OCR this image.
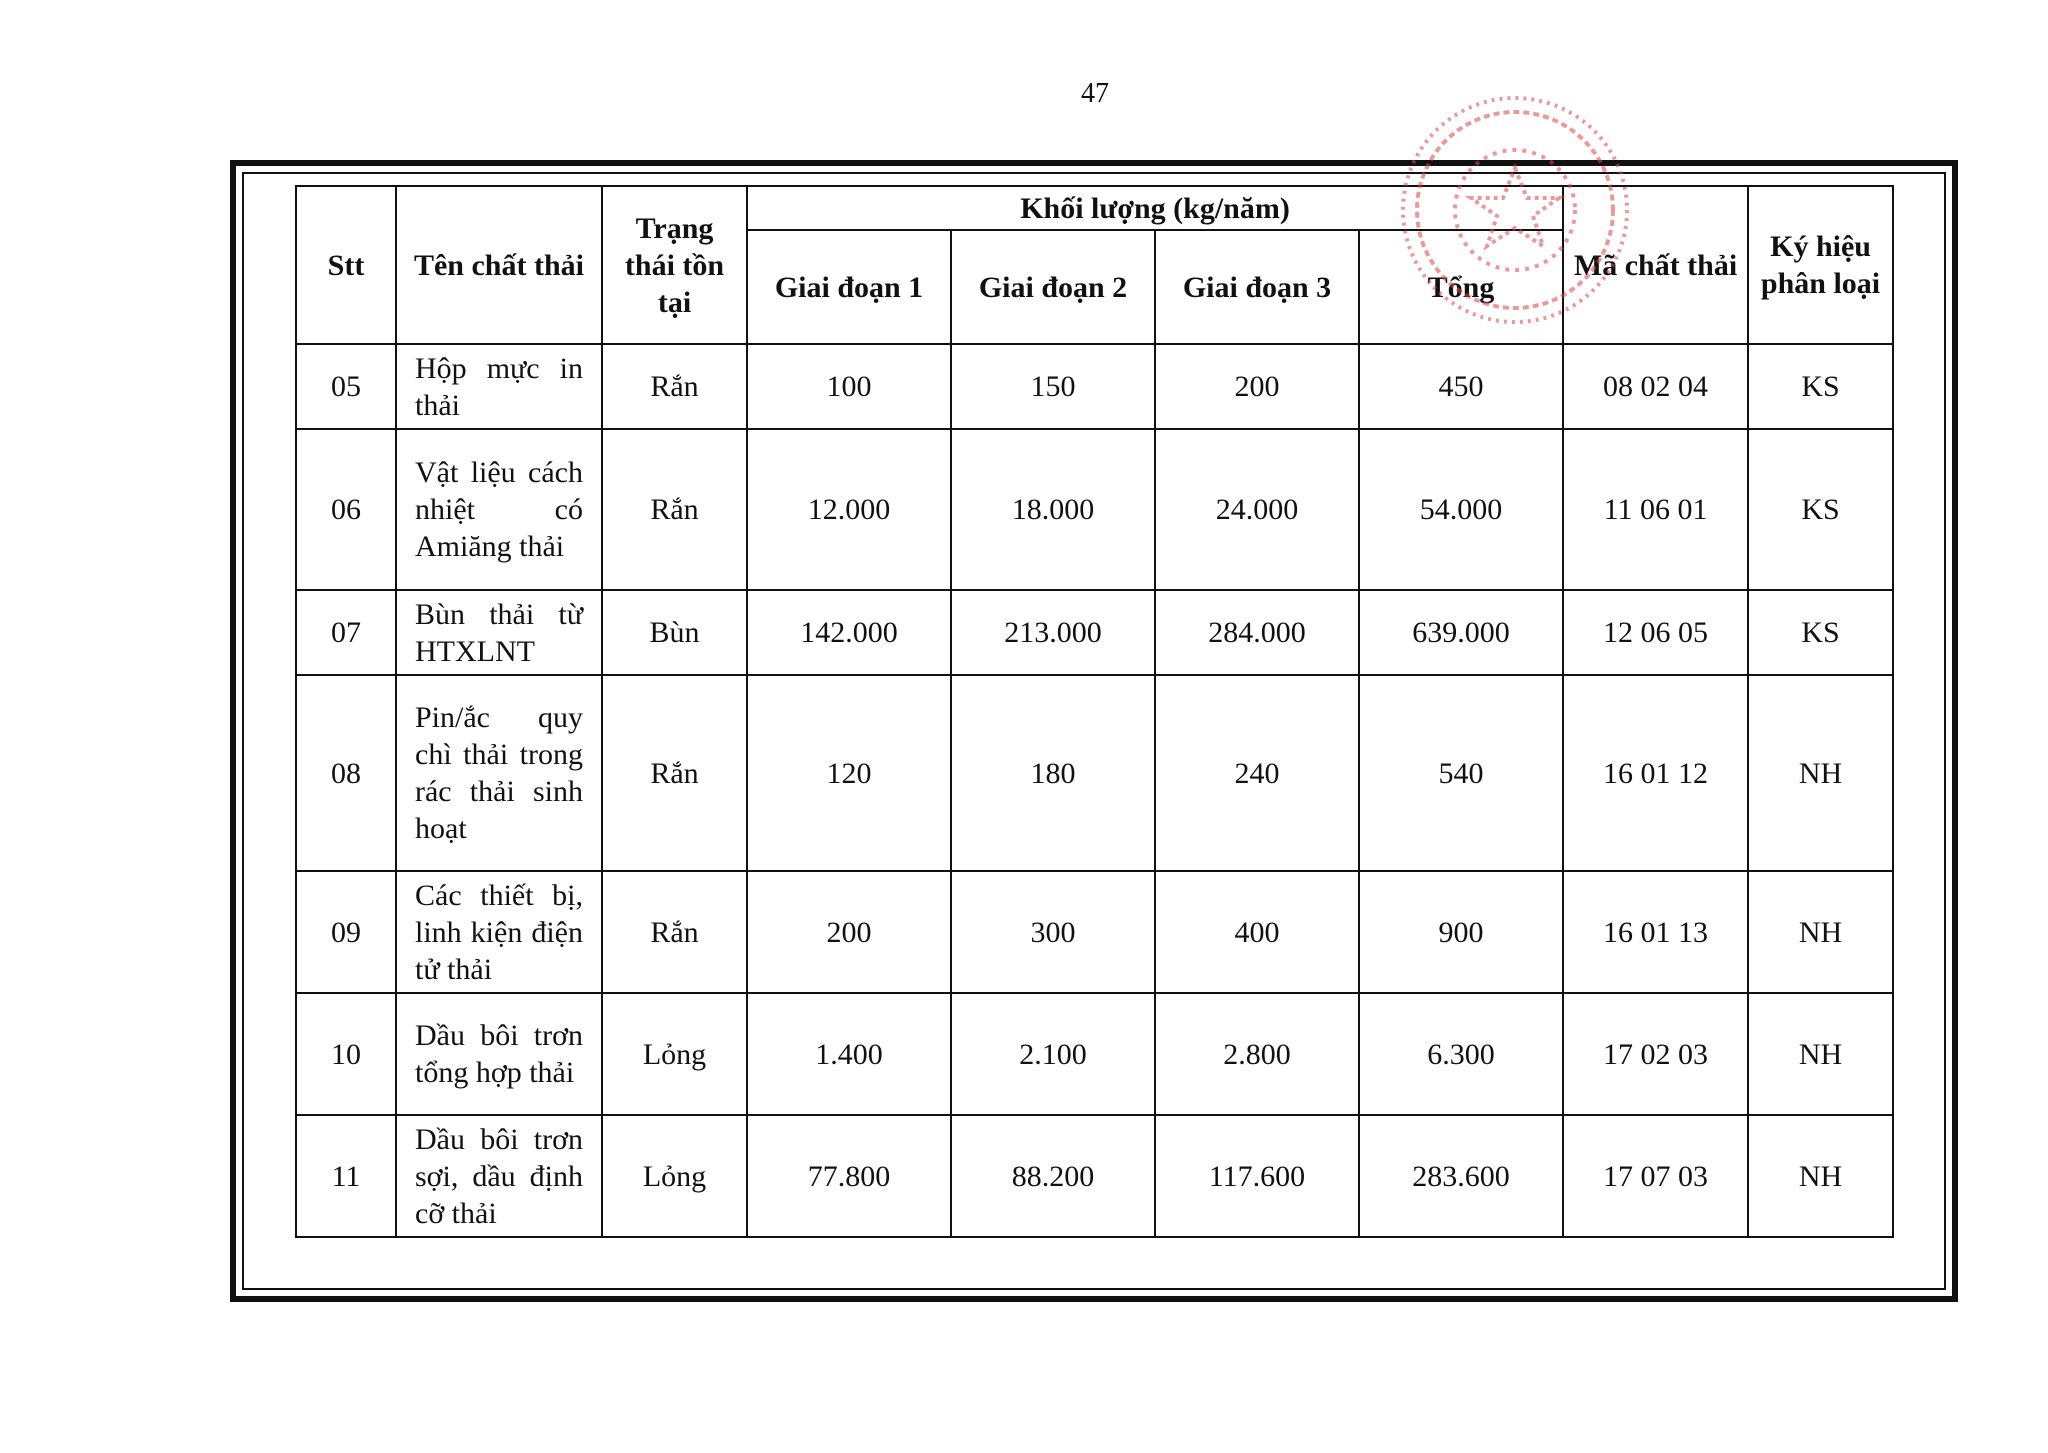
47
Stt	Tên chất thải	Trạng thái tồn tại	Khối lượng (kg/năm)				Mã chất thải	Ký hiệu phân loại
			Giai đoạn 1	Giai đoạn 2	Giai đoạn 3	Tổng		
05	Hộp mực in thải	Rắn	100	150	200	450	08 02 04	KS
06	Vật liệu cách nhiệt có Amiăng thải	Rắn	12.000	18.000	24.000	54.000	11 06 01	KS
07	Bùn thải từ HTXLNT	Bùn	142.000	213.000	284.000	639.000	12 06 05	KS
08	Pin/ắc quy chì thải trong rác thải sinh hoạt	Rắn	120	180	240	540	16 01 12	NH
09	Các thiết bị, linh kiện điện tử thải	Rắn	200	300	400	900	16 01 13	NH
10	Dầu bôi trơn tổng hợp thải	Lỏng	1.400	2.100	2.800	6.300	17 02 03	NH
11	Dầu bôi trơn sợi, dầu định cỡ thải	Lỏng	77.800	88.200	117.600	283.600	17 07 03	NH
